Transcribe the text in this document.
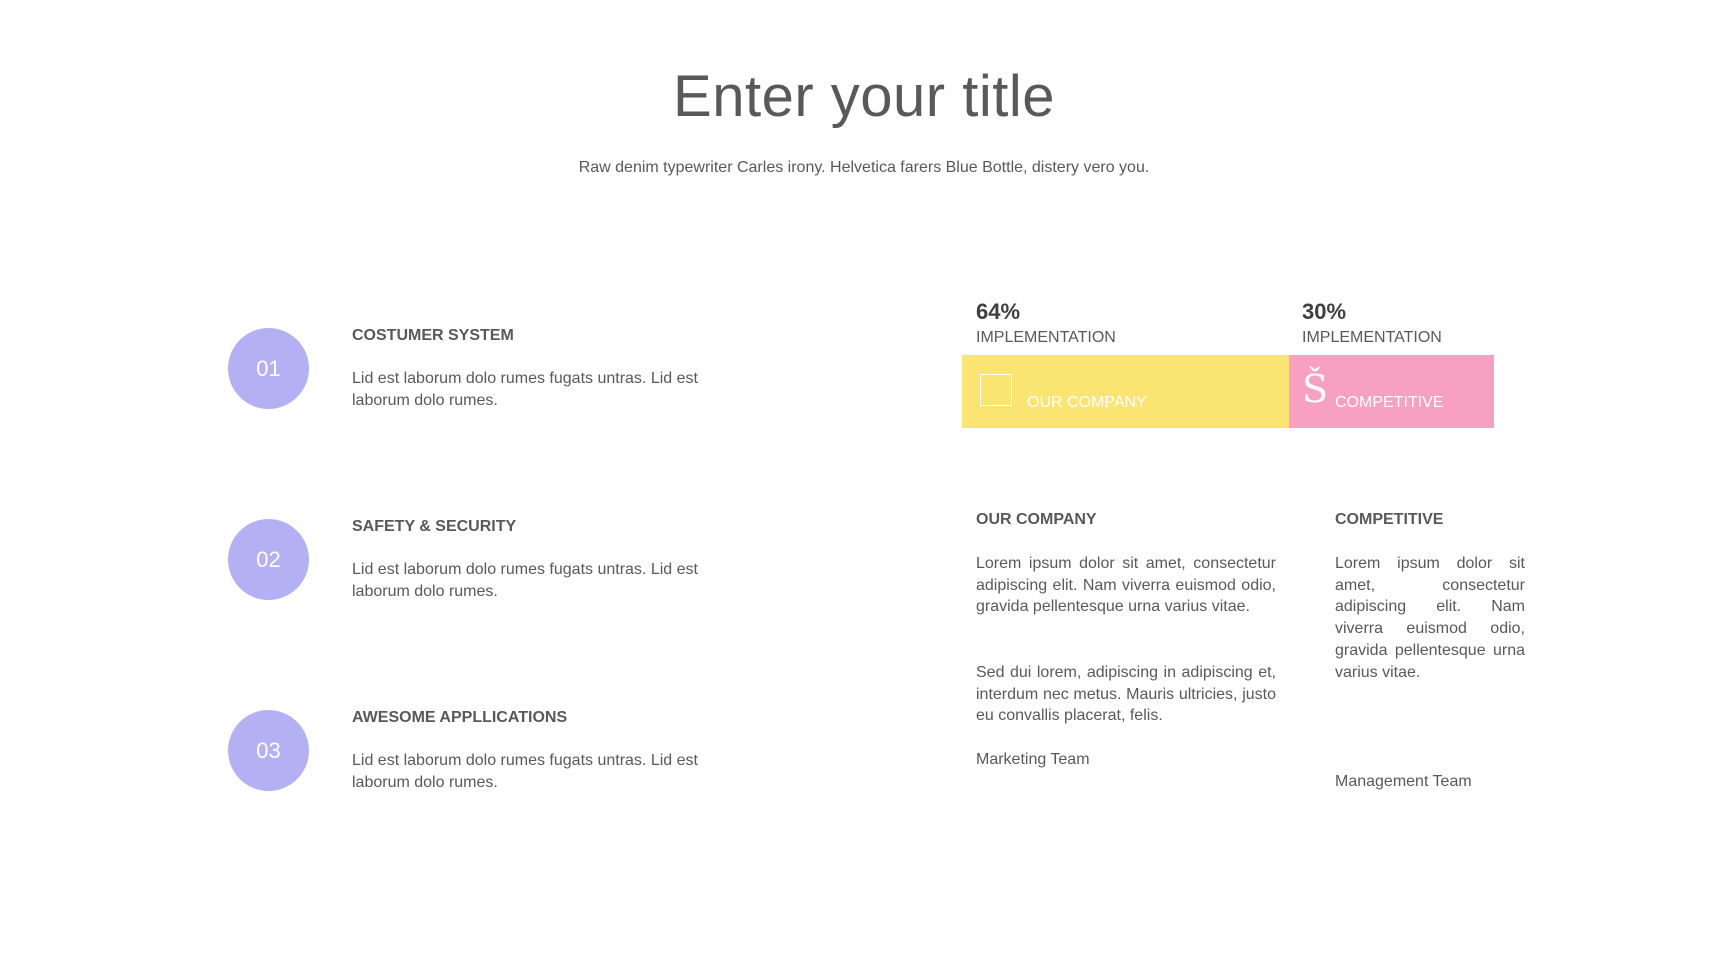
Enter your title
Raw denim typewriter Carles irony. Helvetica farers Blue Bottle, distery vero you.
01
COSTUMER SYSTEM
Lid est laborum dolo rumes fugats untras. Lid est laborum dolo rumes.
02
SAFETY & SECURITY
Lid est laborum dolo rumes fugats untras. Lid est laborum dolo rumes.
03
AWESOME APPLLICATIONS
Lid est laborum dolo rumes fugats untras. Lid est laborum dolo rumes.
64%
IMPLEMENTATION
30%
IMPLEMENTATION
OUR COMPANY	Š COMPETITIVE
OUR COMPANY
Lorem ipsum dolor sit amet, consectetur adipiscing elit. Nam viverra euismod odio, gravida pellentesque urna varius vitae.
Sed dui lorem, adipiscing in adipiscing et, interdum nec metus. Mauris ultricies, justo eu convallis placerat, felis.
Marketing Team
COMPETITIVE
Lorem ipsum dolor sit amet, consectetur adipiscing elit. Nam viverra euismod odio, gravida pellentesque urna varius vitae.
Management Team
